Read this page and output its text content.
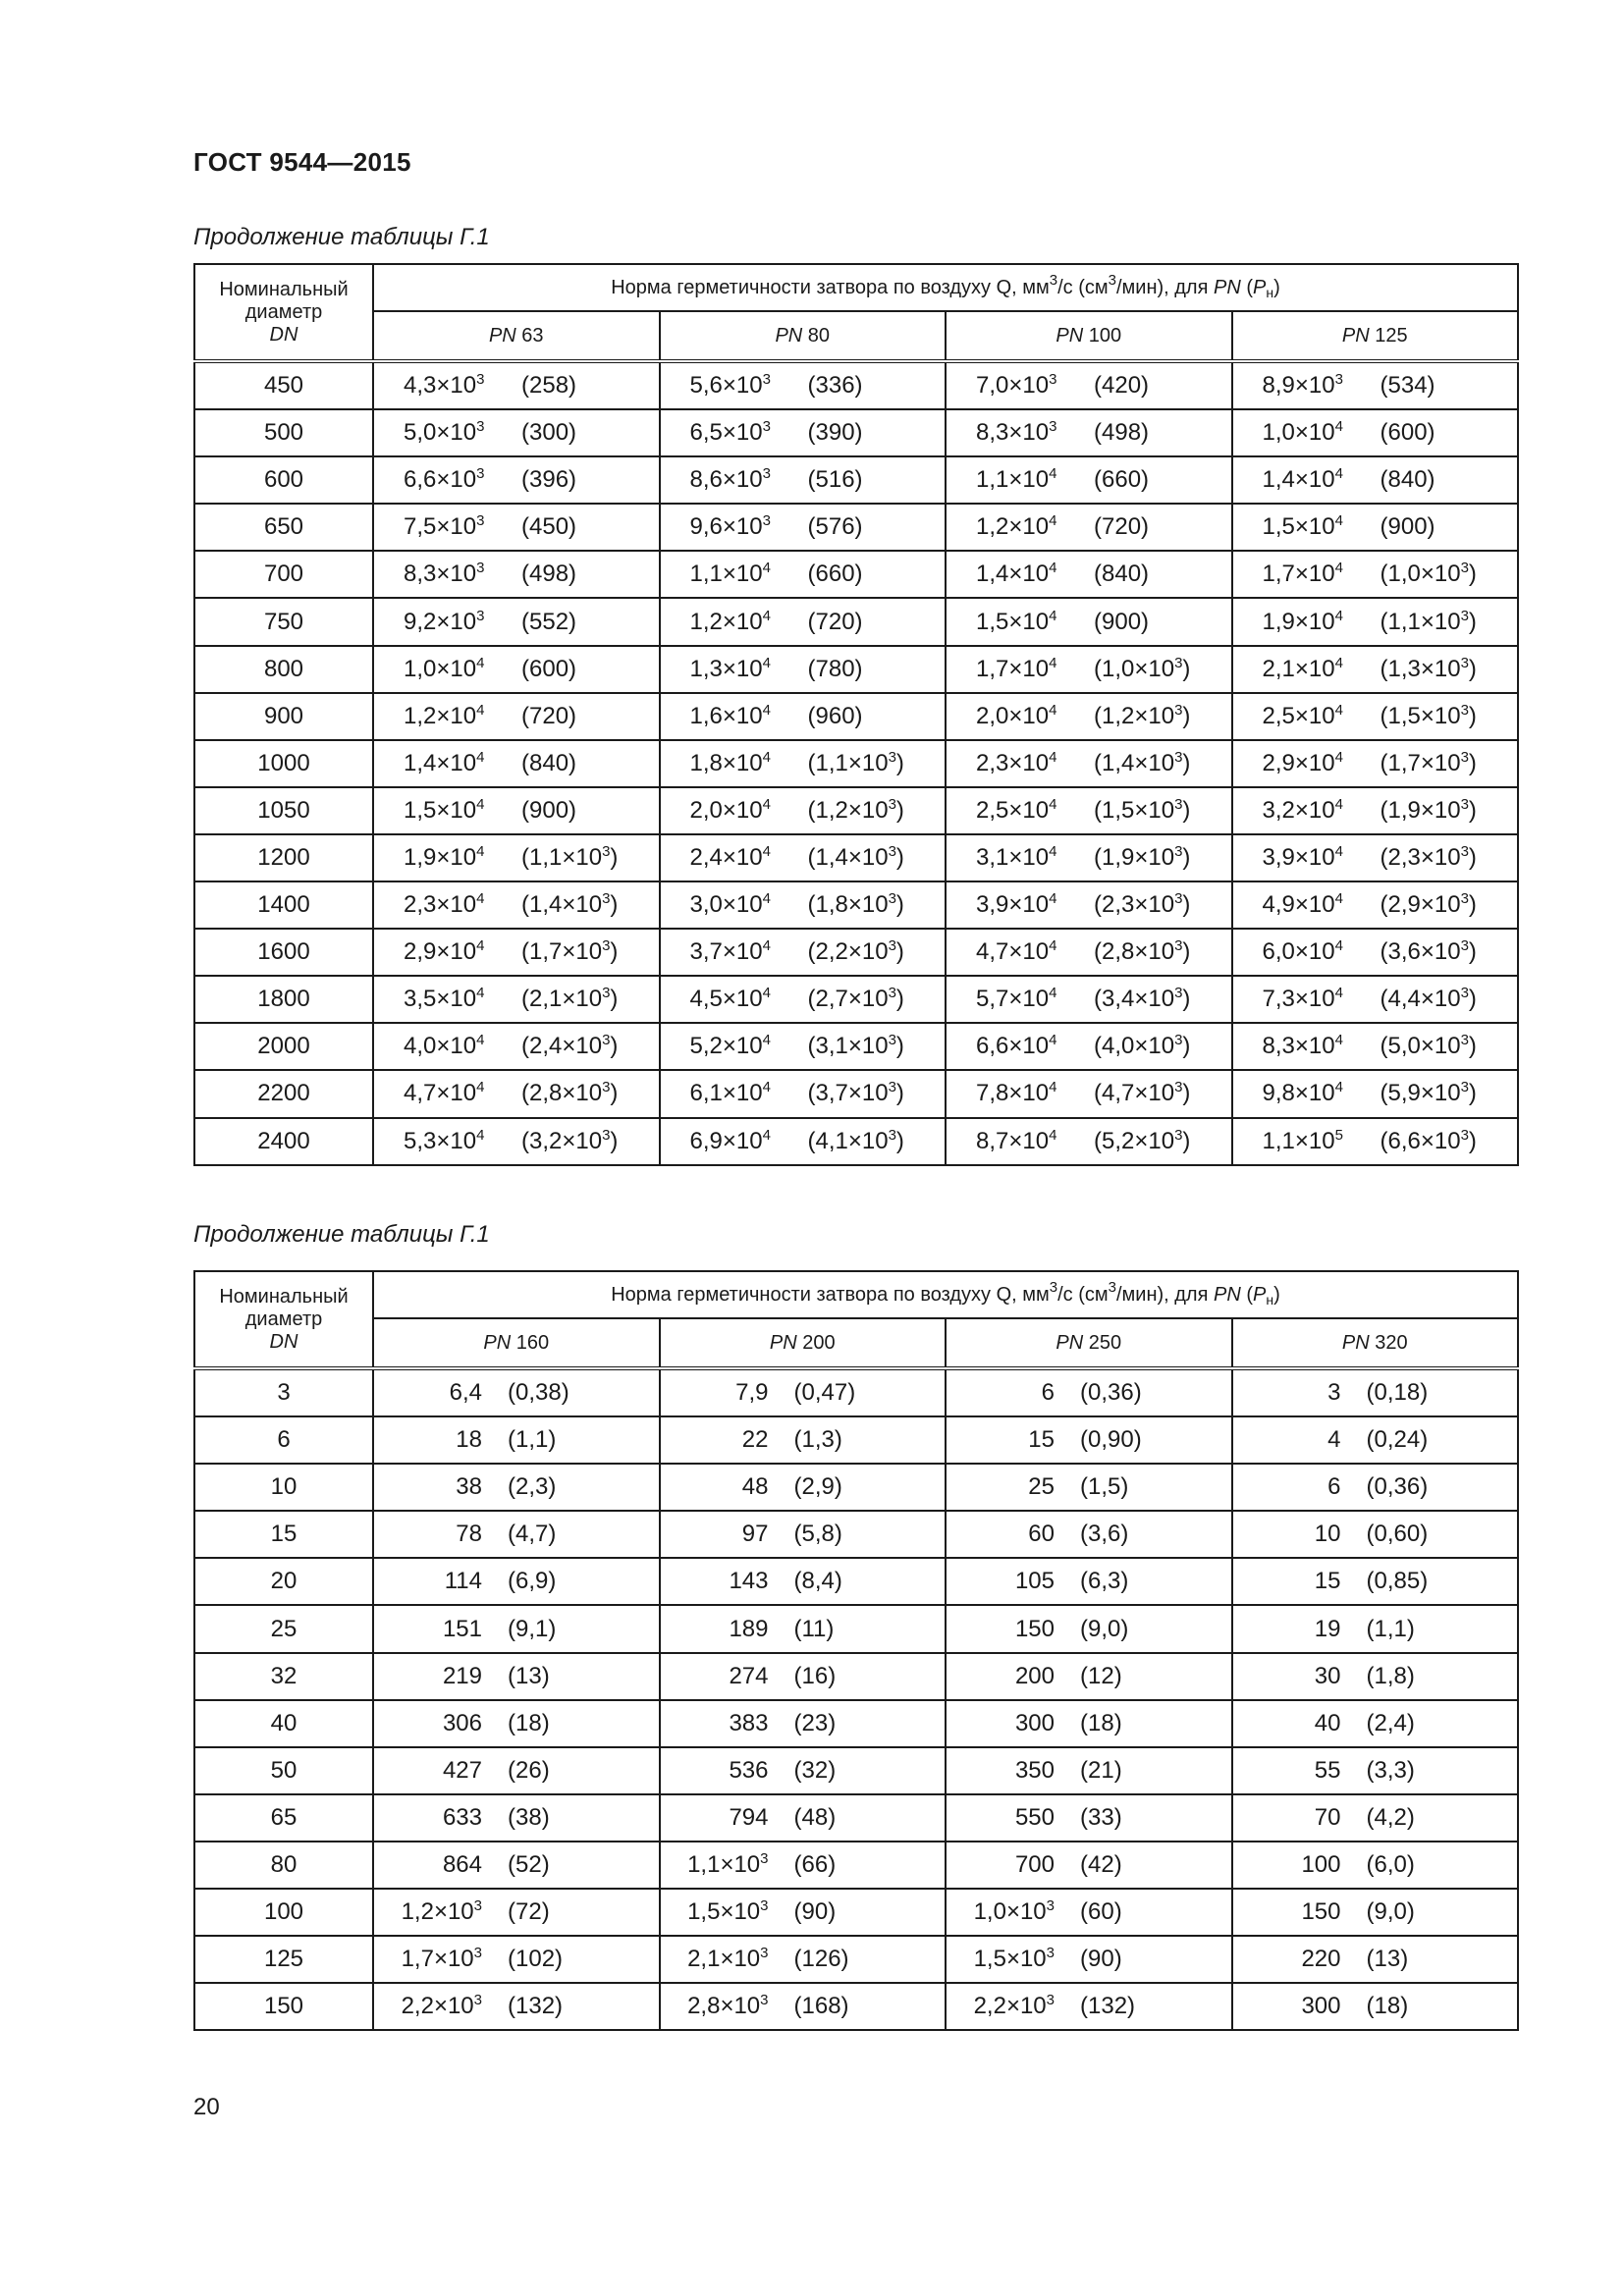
ГОСТ 9544—2015
Продолжение таблицы Г.1
Номинальный
диаметр
DN	Норма герметичности затвора по воздуху Q, $мм^3/с$ $(см^3/мин)$, для PN $(P_н)$			
	PN 63	PN 80	PN 100	PN 125
450	$4,3\times 10^3$ (258)	$5,6\times 10^3$ (336)	$7,0\times 10^3$ (420)	$8,9\times 10^3$ (534)
500	$5,0\times 10^3$ (300)	$6,5\times 10^3$ (390)	$8,3\times 10^3$ (498)	$1,0\times 10^4$ (600)
600	$6,6\times 10^3$ (396)	$8,6\times 10^3$ (516)	$1,1\times 10^4$ (660)	$1,4\times 10^4$ (840)
650	$7,5\times 10^3$ (450)	$9,6\times 10^3$ (576)	$1,2\times 10^4$ (720)	$1,5\times 10^4$ (900)
700	$8,3\times 10^3$ (498)	$1,1\times 10^4$ (660)	$1,4\times 10^4$ (840)	$1,7\times 10^4$ $(1,0\times 10^3)$
750	$9,2\times 10^3$ (552)	$1,2\times 10^4$ (720)	$1,5\times 10^4$ (900)	$1,9\times 10^4$ $(1,1\times 10^3)$
800	$1,0\times 10^4$ (600)	$1,3\times 10^4$ (780)	$1,7\times 10^4$ $(1,0\times 10^3)$	$2,1\times 10^4$ $(1,3\times 10^3)$
900	$1,2\times 10^4$ (720)	$1,6\times 10^4$ (960)	$2,0\times 10^4$ $(1,2\times 10^3)$	$2,5\times 10^4$ $(1,5\times 10^3)$
1000	$1,4\times 10^4$ (840)	$1,8\times 10^4$ $(1,1\times 10^3)$	$2,3\times 10^4$ $(1,4\times 10^3)$	$2,9\times 10^4$ $(1,7\times 10^3)$
1050	$1,5\times 10^4$ (900)	$2,0\times 10^4$ $(1,2\times 10^3)$	$2,5\times 10^4$ $(1,5\times 10^3)$	$3,2\times 10^4$ $(1,9\times 10^3)$
1200	$1,9\times 10^4$ $(1,1\times 10^3)$	$2,4\times 10^4$ $(1,4\times 10^3)$	$3,1\times 10^4$ $(1,9\times 10^3)$	$3,9\times 10^4$ $(2,3\times 10^3)$
1400	$2,3\times 10^4$ $(1,4\times 10^3)$	$3,0\times 10^4$ $(1,8\times 10^3)$	$3,9\times 10^4$ $(2,3\times 10^3)$	$4,9\times 10^4$ $(2,9\times 10^3)$
1600	$2,9\times 10^4$ $(1,7\times 10^3)$	$3,7\times 10^4$ $(2,2\times 10^3)$	$4,7\times 10^4$ $(2,8\times 10^3)$	$6,0\times 10^4$ $(3,6\times 10^3)$
1800	$3,5\times 10^4$ $(2,1\times 10^3)$	$4,5\times 10^4$ $(2,7\times 10^3)$	$5,7\times 10^4$ $(3,4\times 10^3)$	$7,3\times 10^4$ $(4,4\times 10^3)$
2000	$4,0\times 10^4$ $(2,4\times 10^3)$	$5,2\times 10^4$ $(3,1\times 10^3)$	$6,6\times 10^4$ $(4,0\times 10^3)$	$8,3\times 10^4$ $(5,0\times 10^3)$
2200	$4,7\times 10^4$ $(2,8\times 10^3)$	$6,1\times 10^4$ $(3,7\times 10^3)$	$7,8\times 10^4$ $(4,7\times 10^3)$	$9,8\times 10^4$ $(5,9\times 10^3)$
2400	$5,3\times 10^4$ $(3,2\times 10^3)$	$6,9\times 10^4$ $(4,1\times 10^3)$	$8,7\times 10^4$ $(5,2\times 10^3)$	$1,1\times 10^5$ $(6,6\times 10^3)$
Продолжение таблицы Г.1
Номинальный
диаметр
DN	Норма герметичности затвора по воздуху Q, $мм^3/с$ $(см^3/мин)$, для PN $(P_н)$			
	PN 160	PN 200	PN 250	PN 320
3	6,4 (0,38)	7,9 (0,47)	6 (0,36)	3 (0,18)
6	18 (1,1)	22 (1,3)	15 (0,90)	4 (0,24)
10	38 (2,3)	48 (2,9)	25 (1,5)	6 (0,36)
15	78 (4,7)	97 (5,8)	60 (3,6)	10 (0,60)
20	114 (6,9)	143 (8,4)	105 (6,3)	15 (0,85)
25	151 (9,1)	189 (11)	150 (9,0)	19 (1,1)
32	219 (13)	274 (16)	200 (12)	30 (1,8)
40	306 (18)	383 (23)	300 (18)	40 (2,4)
50	427 (26)	536 (32)	350 (21)	55 (3,3)
65	633 (38)	794 (48)	550 (33)	70 (4,2)
80	864 (52)	$1,1\times 10^3$ (66)	700 (42)	100 (6,0)
100	$1,2\times 10^3$ (72)	$1,5\times 10^3$ (90)	$1,0\times 10^3$ (60)	150 (9,0)
125	$1,7\times 10^3$ (102)	$2,1\times 10^3$ (126)	$1,5\times 10^3$ (90)	220 (13)
150	$2,2\times 10^3$ (132)	$2,8\times 10^3$ (168)	$2,2\times 10^3$ (132)	300 (18)
20
